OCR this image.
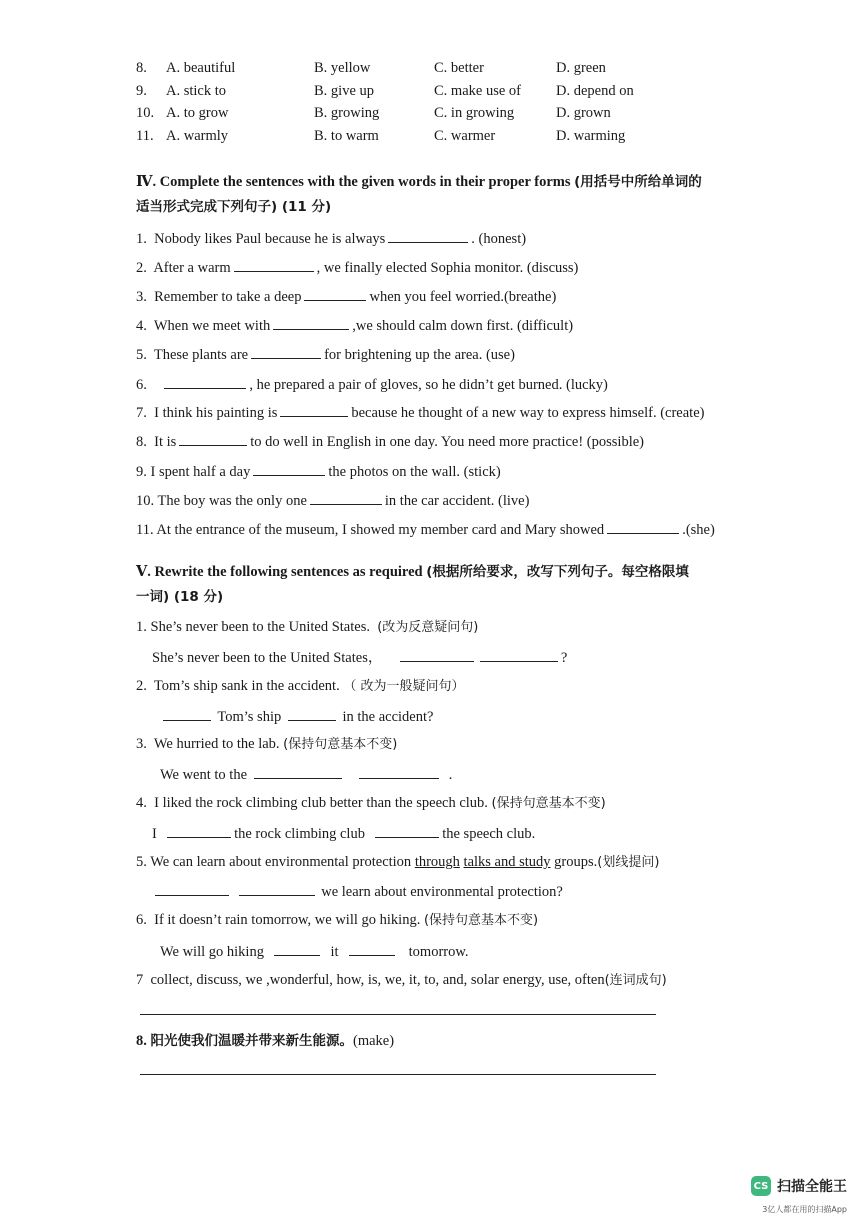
8. A. beautiful	B. yellow	C. better	D. green
9. A. stick to	B. give up	C. make use of D. depend on
10. A. to grow	B. growing	C. in growing	D. grown
11. A. warmly	B. to warm	C. warmer	D. warming
Ⅳ. Complete the sentences with the given words in their proper forms (用括号中所给单词的
适当形式完成下列句子) (11 分)
1. Nobody likes Paul because he is always	. (honest)
2. After a warm	, we finally elected Sophia monitor. (discuss)
3. Remember to take a deep	when you feel worried.(breathe)
4. When we meet with	,we should calm down first. (difficult)
5. These plants are	for brightening up the area. (use)
6.	, he prepared a pair of gloves, so he didn’t get burned. (lucky)
7. I think his painting is	because he thought of a new way to express himself. (create)
8. It is	to do well in English in one day. You need more practice! (possible)
9. I spent half a day	the photos on the wall. (stick)
10. The boy was the only one	in the car accident. (live)
11. At the entrance of the museum, I showed my member card and Mary showed	.(she)
Ⅴ. Rewrite the following sentences as required (根据所给要求，改写下列句子。每空格限填
一词) (18 分)
1. She’s never been to the United States. (改为反意疑问句)
She’s never been to the United States，	?
2. Tom’s ship sank in the accident. （ 改为一般疑问句）
Tom’s ship	in the accident?
3. We hurried to the lab. (保持句意基本不变)
We went to the	.
4. I liked the rock climbing club better than the speech club. (保持句意基本不变)
I	the rock climbing club	the speech club.
5. We can learn about environmental protection through talks and study groups.(划线提问)
we learn about environmental protection?
6. If it doesn’t rain tomorrow, we will go hiking. (保持句意基本不变)
We will go hiking	it	tomorrow.
7 collect, discuss, we ,wonderful, how, is, we, it, to, and, solar energy, use, often(连词成句)
8. 阳光使我们温暖并带来新生能源。(make)
CS 扫描全能王
3亿人都在用的扫描App
